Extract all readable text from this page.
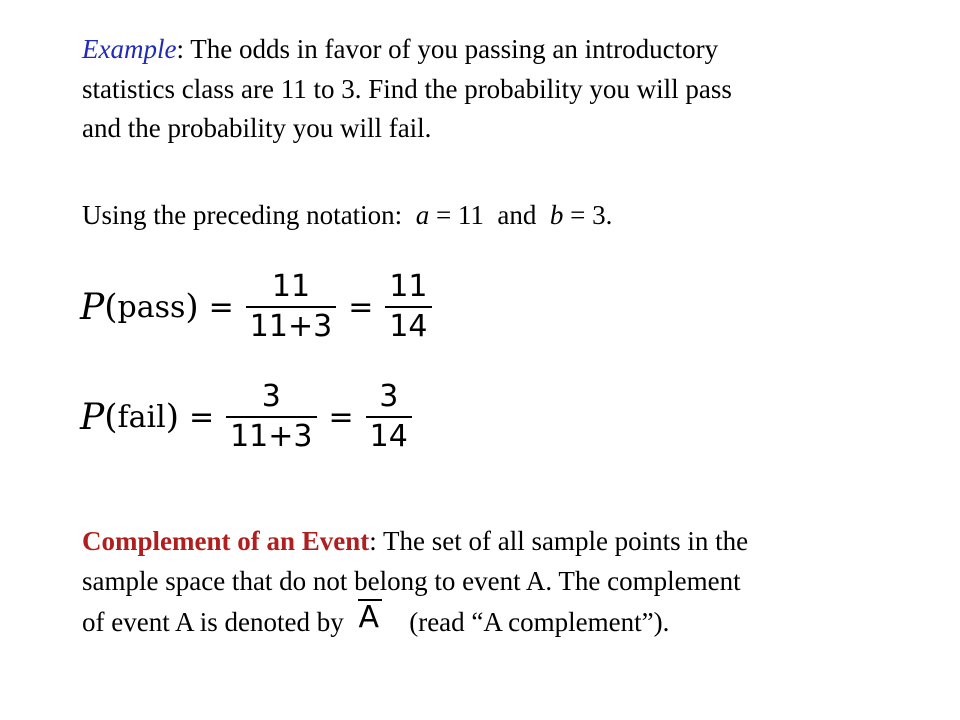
Example: The odds in favor of you passing an introductory
statistics class are 11 to 3. Find the probability you will pass
and the probability you will fail.
Using the preceding notation:  a = 11  and  b = 3.
P ( pass ) = $\frac{11}{11+3} = \frac{11}{14}$
P ( fail ) = $\frac{3}{11+3} = \frac{3}{14}$
Complement of an Event: The set of all sample points in the
sample space that do not belong to event A. The complement
of event A is denoted by A (read “A complement”).
